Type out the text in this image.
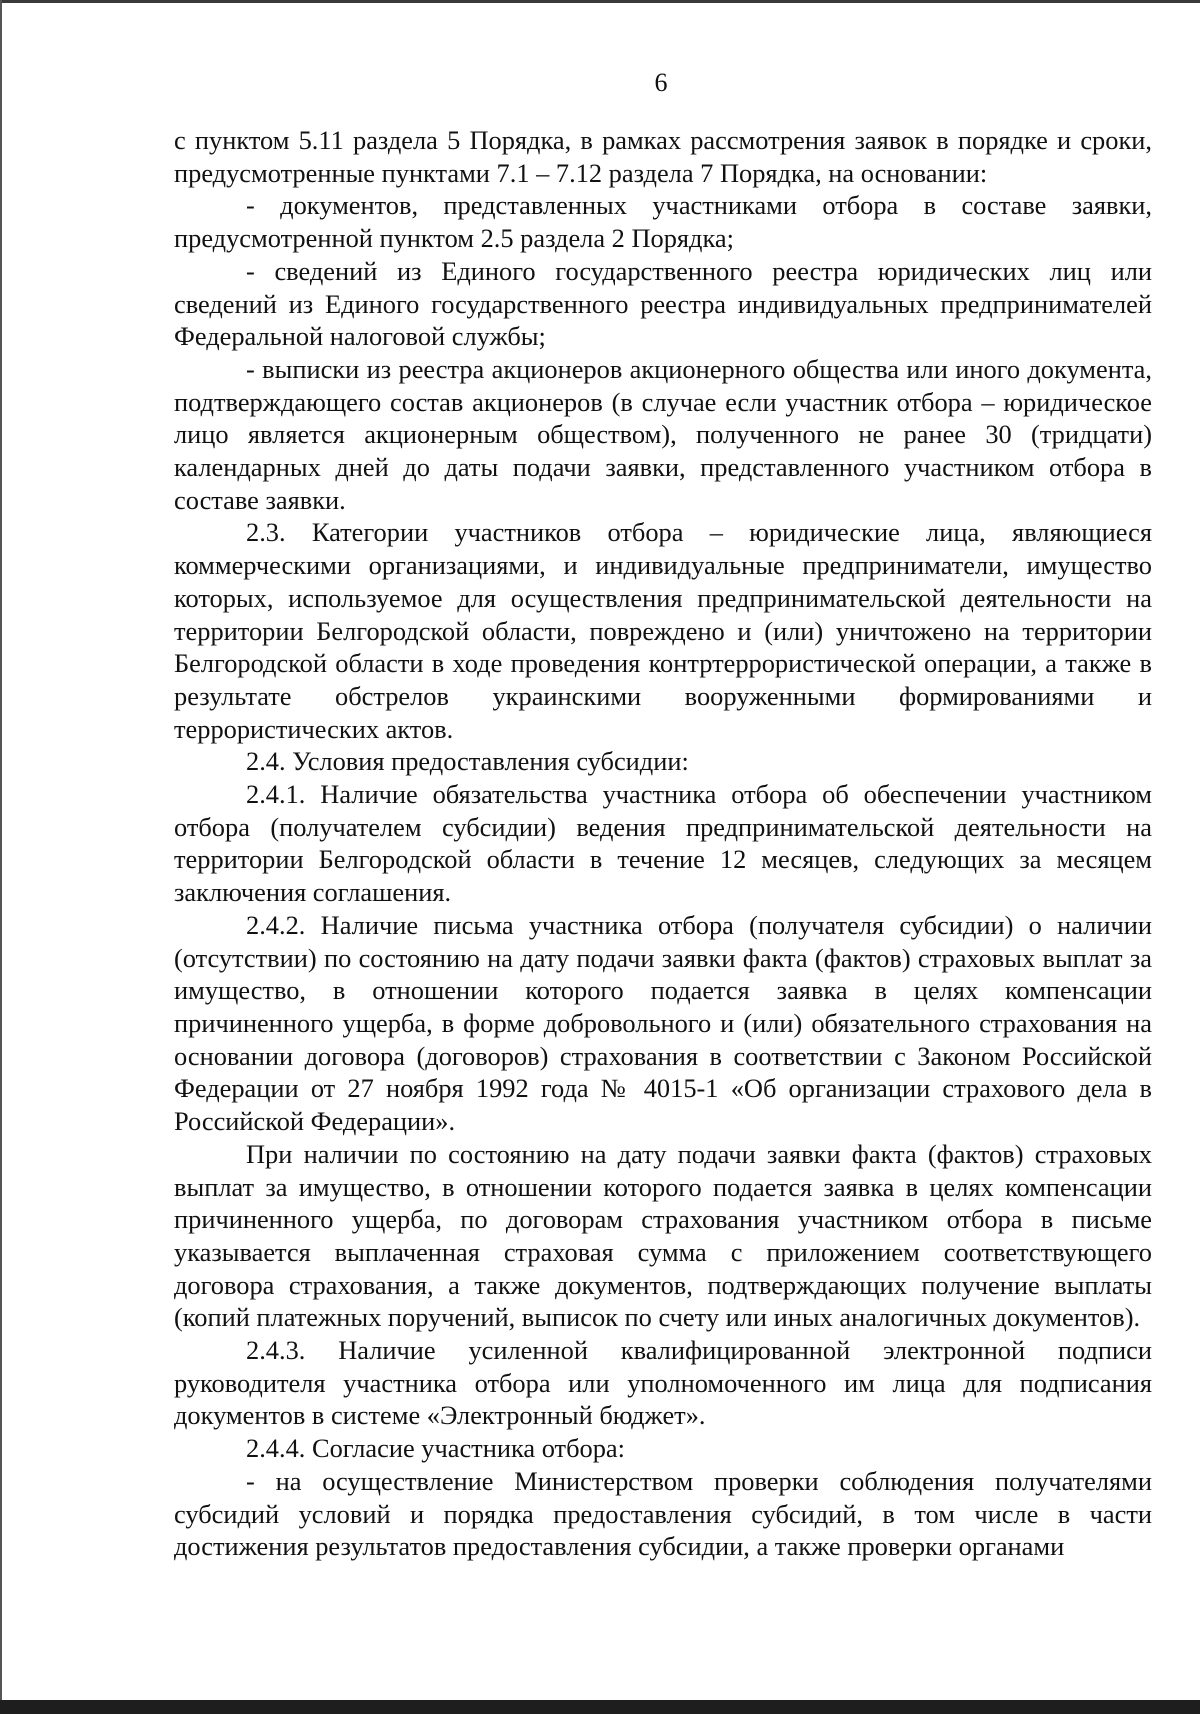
6

с пунктом 5.11 раздела 5 Порядка, в рамках рассмотрения заявок в порядке и сроки, предусмотренные пунктами 7.1 – 7.12 раздела 7 Порядка, на основании:

- документов, представленных участниками отбора в составе заявки, предусмотренной пунктом 2.5 раздела 2 Порядка;

- сведений из Единого государственного реестра юридических лиц или сведений из Единого государственного реестра индивидуальных предпринимателей Федеральной налоговой службы;

- выписки из реестра акционеров акционерного общества или иного документа, подтверждающего состав акционеров (в случае если участник отбора – юридическое лицо является акционерным обществом), полученного не ранее 30 (тридцати) календарных дней до даты подачи заявки, представленного участником отбора в составе заявки.

2.3. Категории участников отбора – юридические лица, являющиеся коммерческими организациями, и индивидуальные предприниматели, имущество которых, используемое для осуществления предпринимательской деятельности на территории Белгородской области, повреждено и (или) уничтожено на территории Белгородской области в ходе проведения контртеррористической операции, а также в результате обстрелов украинскими вооруженными формированиями и террористических актов.

2.4. Условия предоставления субсидии:

2.4.1. Наличие обязательства участника отбора об обеспечении участником отбора (получателем субсидии) ведения предпринимательской деятельности на территории Белгородской области в течение 12 месяцев, следующих за месяцем заключения соглашения.

2.4.2. Наличие письма участника отбора (получателя субсидии) о наличии (отсутствии) по состоянию на дату подачи заявки факта (фактов) страховых выплат за имущество, в отношении которого подается заявка в целях компенсации причиненного ущерба, в форме добровольного и (или) обязательного страхования на основании договора (договоров) страхования в соответствии с Законом Российской Федерации от 27 ноября 1992 года № 4015-1 «Об организации страхового дела в Российской Федерации».

При наличии по состоянию на дату подачи заявки факта (фактов) страховых выплат за имущество, в отношении которого подается заявка в целях компенсации причиненного ущерба, по договорам страхования участником отбора в письме указывается выплаченная страховая сумма с приложением соответствующего договора страхования, а также документов, подтверждающих получение выплаты (копий платежных поручений, выписок по счету или иных аналогичных документов).

2.4.3. Наличие усиленной квалифицированной электронной подписи руководителя участника отбора или уполномоченного им лица для подписания документов в системе «Электронный бюджет».

2.4.4. Согласие участника отбора:

- на осуществление Министерством проверки соблюдения получателями субсидий условий и порядка предоставления субсидий, в том числе в части достижения результатов предоставления субсидии, а также проверки органами
